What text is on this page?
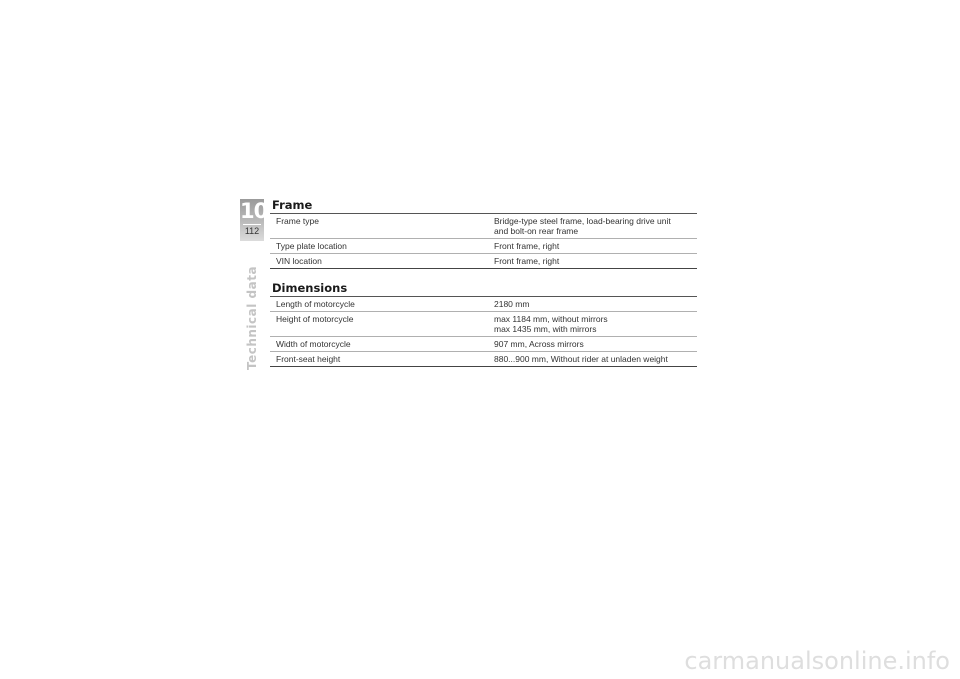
10
112
Technical data
Frame
Frame type	Bridge-type steel frame, load-bearing drive unit
and bolt-on rear frame

Type plate location	Front frame, right

VIN location	Front frame, right
Dimensions
Length of motorcycle	2180 mm

Height of motorcycle	max 1184 mm, without mirrors
max 1435 mm, with mirrors

Width of motorcycle	907 mm, Across mirrors

Front-seat height	880...900 mm, Without rider at unladen weight
carmanualsonline.info
